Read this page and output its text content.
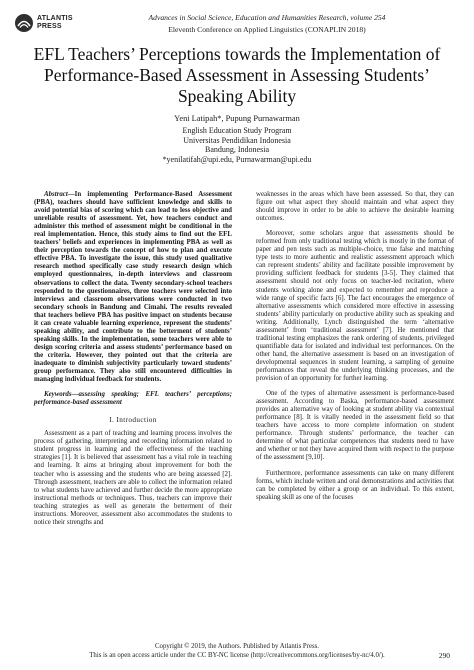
ATLANTIS
PRESS
Advances in Social Science, Education and Humanities Research, volume 254
Eleventh Conference on Applied Linguistics (CONAPLIN 2018)
EFL Teachers’ Perceptions towards the Implementation of Performance-Based Assessment in Assessing Students’ Speaking Ability
Yeni Latipah*, Pupung Purnawarman
English Education Study Program
Universitas Pendidikan Indonesia
Bandung, Indonesia
*yenilatifah@upi.edu, Purnawarman@upi.edu

Abstract—In implementing Performance-Based Assessment (PBA), teachers should have sufficient knowledge and skills to avoid potential bias of scoring which can lead to less objective and unreliable results of assessment. Yet, how teachers conduct and administer this method of assessment might be conditional in the real implementation. Hence, this study aims to find out the EFL teachers’ beliefs and experiences in implementing PBA as well as their perception towards the concept of how to plan and execute effective PBA. To investigate the issue, this study used qualitative research method specifically case study research design which employed questionnaires, in-depth interviews and classroom observations to collect the data. Twenty secondary-school teachers responded to the questionnaires, three teachers were selected into interviews and classroom observations were conducted in two secondary schools in Bandung and Cimahi. The results revealed that teachers believe PBA has positive impact on students because it can create valuable learning experience, represent the students’ speaking ability, and contribute to the betterment of students’ speaking skills. In the implementation, some teachers were able to design scoring criteria and assess students’ performance based on the criteria. However, they pointed out that the criteria are inadequate to diminish subjectivity particularly toward students’ group performance. They also still encountered difficulties in managing individual feedback for students.

Keywords—assessing speaking; EFL teachers’ perceptions; performance-based assessment

I. Introduction

Assessment as a part of teaching and learning process involves the process of gathering, interpreting and recording information related to student progress in learning and the effectiveness of the teaching strategies [1]. It is believed that assessment has a vital role in teaching and learning. It aims at bringing about improvement for both the teacher who is assessing and the students who are being assessed [2]. Through assessment, teachers are able to collect the information related to what students have achieved and further decide the more appropriate instructional methods or techniques. Thus, teachers can improve their teaching strategies as well as generate the betterment of their instructions. Moreover, assessment also accommodates the students to notice their strengths and

weaknesses in the areas which have been assessed. So that, they can figure out what aspect they should maintain and what aspect they should improve in order to be able to achieve the desirable learning outcomes.

Moreover, some scholars argue that assessments should be reformed from only traditional testing which is mostly in the format of paper and pen tests such as multiple-choice, true false and matching type tests to more authentic and realistic assessment approach which can represent students’ ability and facilitate possible improvement by providing sufficient feedback for students [3-5]. They claimed that assessment should not only focus on teacher-led recitation, where students working alone and expected to remember and reproduce a wide range of specific facts [6]. The fact encourages the emergence of alternative assessments which considered more effective in assessing students’ ability particularly on productive ability such as speaking and writing. Additionally, Lynch distinguished the term ‘alternative assessment’ from ‘traditional assessment’ [7]. He mentioned that traditional testing emphasizes the rank ordering of students, privileged quantifiable data for isolated and individual test performances. On the other hand, the alternative assessment is based on an investigation of developmental sequences in student learning, a sampling of genuine performances that reveal the underlying thinking processes, and the provision of an opportunity for further learning.

One of the types of alternative assessment is performance-based assessment. According to Baska, performance-based assessment provides an alternative way of looking at student ability via contextual performance [8]. It is vitally needed in the assessment field so that teachers have access to more complete information on student performance. Through students’ performance, the teacher can determine of what particular competences that students need to have and whether or not they have acquired them with respect to the purpose of the assessment [9,10].

Furthermore, performance assessments can take on many different forms, which include written and oral demonstrations and activities that can be completed by either a group or an individual. To this extent, speaking skill as one of the focuses

Copyright © 2019, the Authors. Published by Atlantis Press.
This is an open access article under the CC BY-NC license (http://creativecommons.org/licenses/by-nc/4.0/).	290
